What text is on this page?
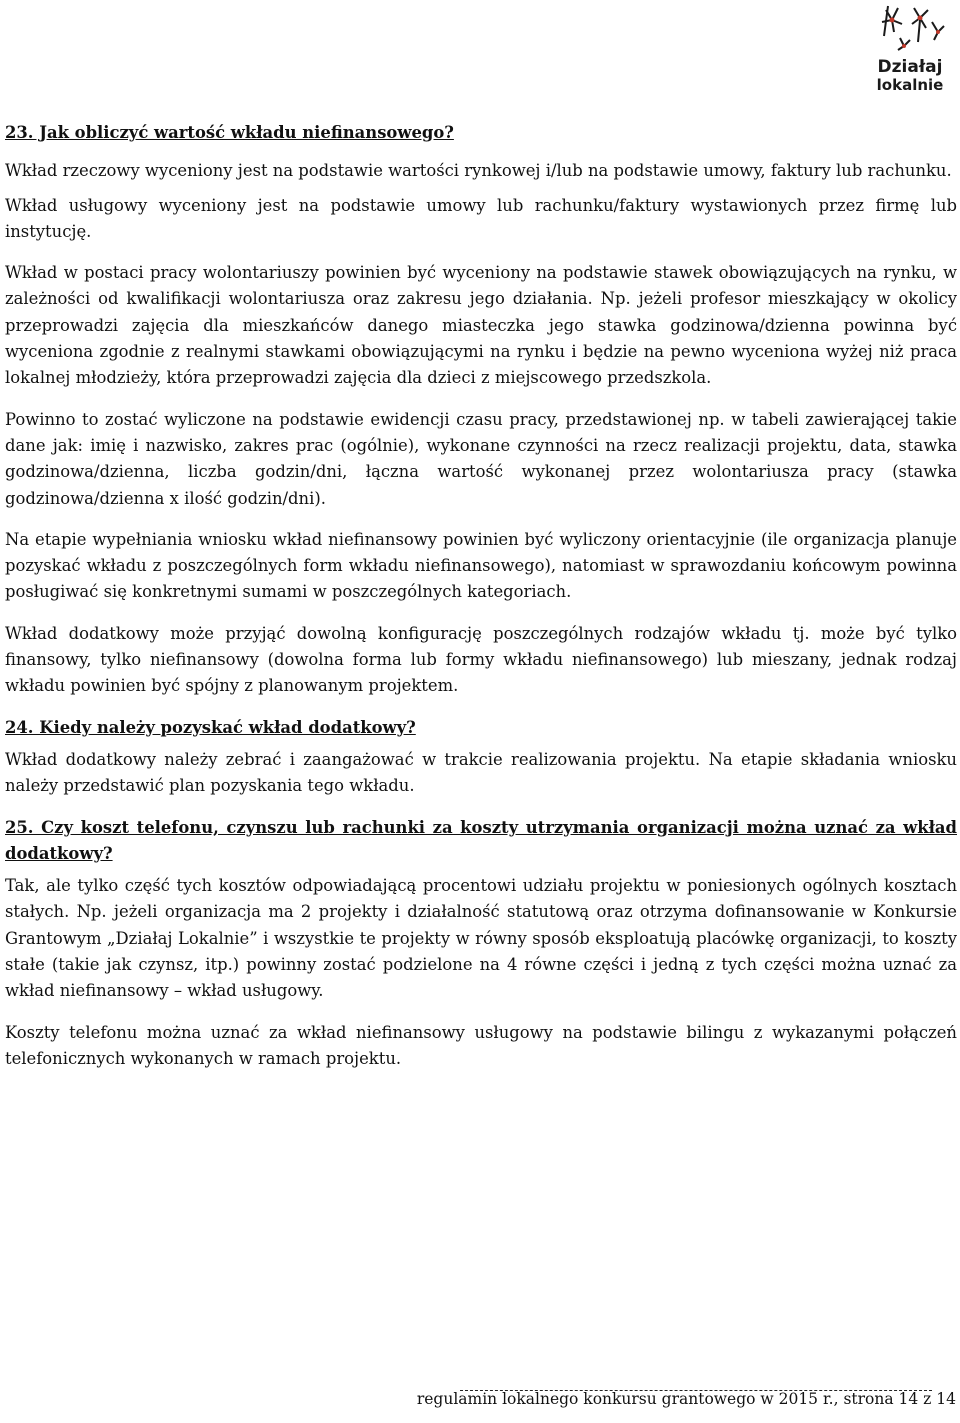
Działaj
lokalnie
23. Jak obliczyć wartość wkładu niefinansowego?

Wkład rzeczowy wyceniony jest na podstawie wartości rynkowej i/lub na podstawie umowy, faktury lub rachunku.

Wkład usługowy wyceniony jest na podstawie umowy lub rachunku/faktury wystawionych przez firmę lub instytucję.

Wkład w postaci pracy wolontariuszy powinien być wyceniony na podstawie stawek obowiązujących na rynku, w zależności od kwalifikacji wolontariusza oraz zakresu jego działania. Np. jeżeli profesor mieszkający w okolicy przeprowadzi zajęcia dla mieszkańców danego miasteczka jego stawka godzinowa/dzienna powinna być wyceniona zgodnie z realnymi stawkami obowiązującymi na rynku i będzie na pewno wyceniona wyżej niż praca lokalnej młodzieży, która przeprowadzi zajęcia dla dzieci z miejscowego przedszkola.

Powinno to zostać wyliczone na podstawie ewidencji czasu pracy, przedstawionej np. w tabeli zawierającej takie dane jak: imię i nazwisko, zakres prac (ogólnie), wykonane czynności na rzecz realizacji projektu, data, stawka godzinowa/dzienna, liczba godzin/dni, łączna wartość wykonanej przez wolontariusza pracy (stawka godzinowa/dzienna x ilość godzin/dni).

Na etapie wypełniania wniosku wkład niefinansowy powinien być wyliczony orientacyjnie (ile organizacja planuje pozyskać wkładu z poszczególnych form wkładu niefinansowego), natomiast w sprawozdaniu końcowym powinna posługiwać się konkretnymi sumami w poszczególnych kategoriach.

Wkład dodatkowy może przyjąć dowolną konfigurację poszczególnych rodzajów wkładu tj. może być tylko finansowy, tylko niefinansowy (dowolna forma lub formy wkładu niefinansowego) lub mieszany, jednak rodzaj wkładu powinien być spójny z planowanym projektem.

24. Kiedy należy pozyskać wkład dodatkowy?

Wkład dodatkowy należy zebrać i zaangażować w trakcie realizowania projektu. Na etapie składania wniosku należy przedstawić plan pozyskania tego wkładu.

25. Czy koszt telefonu, czynszu lub rachunki za koszty utrzymania organizacji można uznać za wkład dodatkowy?

Tak, ale tylko część tych kosztów odpowiadającą procentowi udziału projektu w poniesionych ogólnych kosztach stałych. Np. jeżeli organizacja ma 2 projekty i działalność statutową oraz otrzyma dofinansowanie w Konkursie Grantowym „Działaj Lokalnie” i wszystkie te projekty w równy sposób eksploatują placówkę organizacji, to koszty stałe (takie jak czynsz, itp.) powinny zostać podzielone na 4 równe części i jedną z tych części można uznać za wkład niefinansowy – wkład usługowy.

Koszty telefonu można uznać za wkład niefinansowy usługowy na podstawie bilingu z wykazanymi połączeń telefonicznych wykonanych w ramach projektu.

regulamin lokalnego konkursu grantowego w 2015 r., strona 14 z 14
